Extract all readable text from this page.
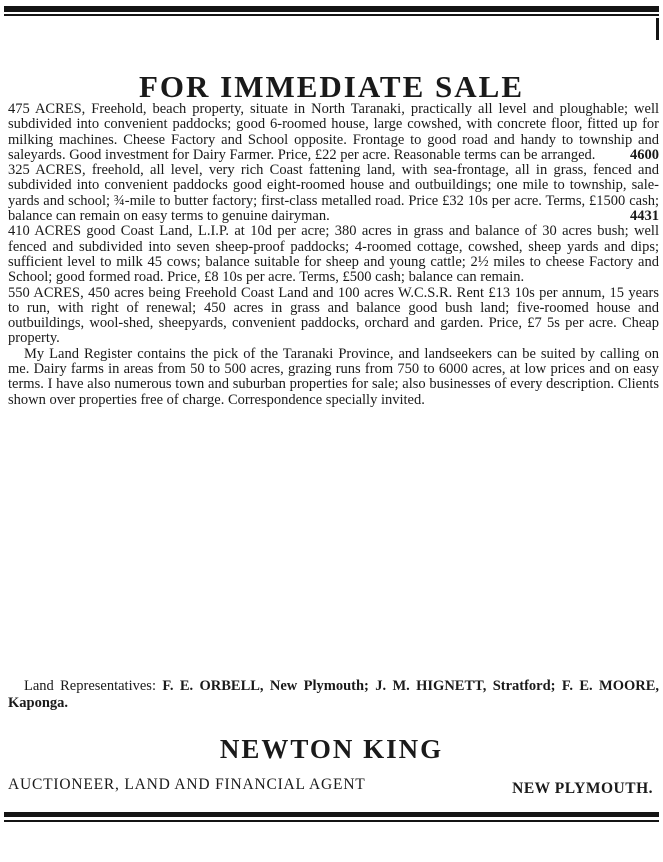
FOR IMMEDIATE SALE

475 ACRES, Freehold, beach property, situate in North Taranaki, practically all level and ploughable; well subdivided into convenient paddocks; good 6-roomed house, large cowshed, with concrete floor, fitted up for milking machines. Cheese Factory and School opposite. Frontage to good road and handy to township and saleyards. Good investment for Dairy Farmer. Price, £22 per acre. Reasonable terms can be arranged.	4600

325 ACRES, freehold, all level, very rich Coast fattening land, with sea-frontage, all in grass, fenced and subdivided into convenient paddocks good eight-roomed house and outbuildings; one mile to township, sale-yards and school; ¾-mile to butter factory; first-class metalled road. Price £32 10s per acre. Terms, £1500 cash; balance can remain on easy terms to genuine dairyman.	4431

410 ACRES good Coast Land, L.I.P. at 10d per acre; 380 acres in grass and balance of 30 acres bush; well fenced and subdivided into seven sheep-proof paddocks; 4-roomed cottage, cowshed, sheep yards and dips; sufficient level to milk 45 cows; balance suitable for sheep and young cattle; 2½ miles to cheese Factory and School; good formed road. Price, £8 10s per acre. Terms, £500 cash; balance can remain.

550 ACRES, 450 acres being Freehold Coast Land and 100 acres W.C.S.R. Rent £13 10s per annum, 15 years to run, with right of renewal; 450 acres in grass and balance good bush land; five-roomed house and outbuildings, wool-shed, sheepyards, convenient paddocks, orchard and garden. Price, £7 5s per acre. Cheap property.

My Land Register contains the pick of the Taranaki Province, and landseekers can be suited by calling on me. Dairy farms in areas from 50 to 500 acres, grazing runs from 750 to 6000 acres, at low prices and on easy terms. I have also numerous town and suburban properties for sale; also businesses of every description. Clients shown over properties free of charge. Correspondence specially invited.

Land Representatives: F. E. ORBELL, New Plymouth; J. M. HIGNETT, Stratford; F. E. MOORE, Kaponga.

NEWTON KING

AUCTIONEER, LAND AND FINANCIAL AGENT	NEW PLYMOUTH.
